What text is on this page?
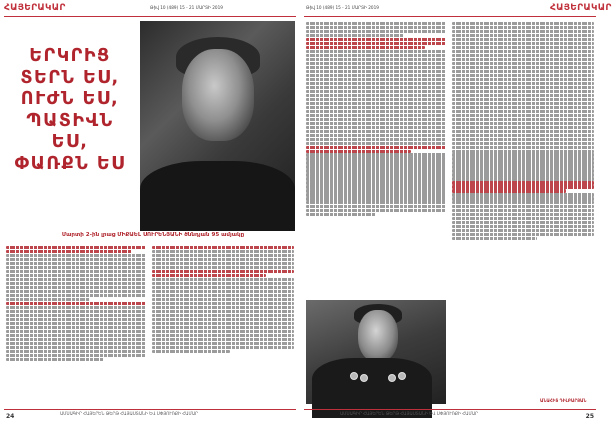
ՀԱՅԵՐԱԿԱՐ	Թիվ 10 (489) 15 - 21 ՄԱՐՏԻ 2019
ԵՐԿՐԻՑ
ՏԵՐՆ ԵՍ,
ՈՒԺՆ ԵՍ,
ՊԱՏԻՎՆ ԵՍ,
ՓԱՌՔՆ ԵՍ
Մարտի 2-ին լրաց ՄԻՔԱԵԼ ՍՈՒՐԵՆՅԱՆԻ ծննդյան 95 ամյակը
24	ԱՄՍԱԳԻՐ ՀԱՅԵՐԵՆ ԹԵՐԹ ՀԱՅԱՍՏԱՆԻ ԵՎ ՍՓՅՈՒՌՔԻ ՀԱՄԱՐ
Թիվ 10 (489) 15 - 21 ՄԱՐՏԻ 2019	ՀԱՅԵՐԱԿԱՐ
ԱՆԱՀԻՏ ԴԻԼԲԱՐՅԱՆ
ԱՄՍԱԳԻՐ ՀԱՅԵՐԵՆ ԹԵՐԹ ՀԱՅԱՍՏԱՆԻ ԵՎ ՍՓՅՈՒՌՔԻ ՀԱՄԱՐ	25
